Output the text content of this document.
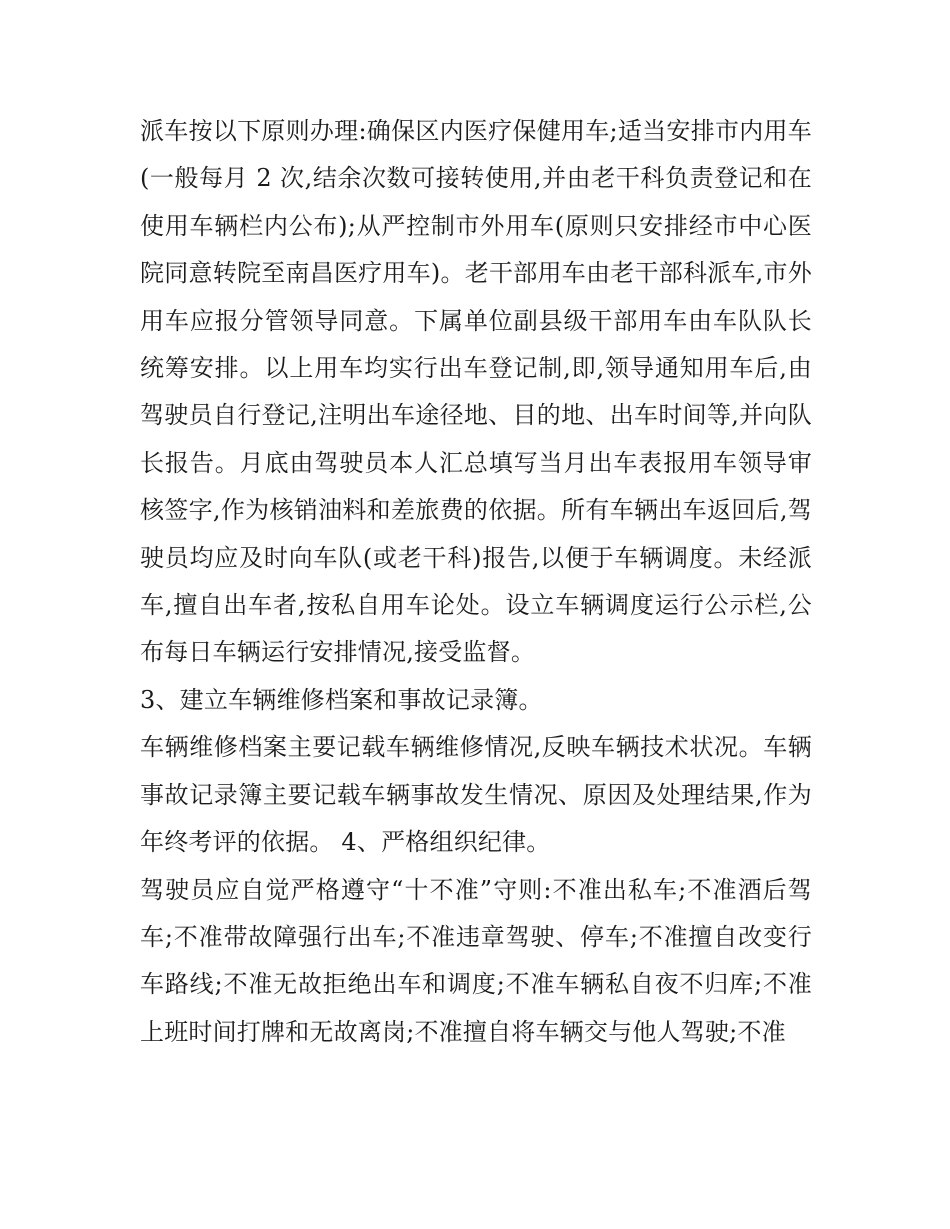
派车按以下原则办理:确保区内医疗保健用车;适当安排市内用车(一般每月 2 次,结余次数可接转使用,并由老干科负责登记和在使用车辆栏内公布);从严控制市外用车(原则只安排经市中心医院同意转院至南昌医疗用车)。老干部用车由老干部科派车,市外用车应报分管领导同意。下属单位副县级干部用车由车队队长统筹安排。以上用车均实行出车登记制,即,领导通知用车后,由驾驶员自行登记,注明出车途径地、目的地、出车时间等,并向队长报告。月底由驾驶员本人汇总填写当月出车表报用车领导审核签字,作为核销油料和差旅费的依据。所有车辆出车返回后,驾驶员均应及时向车队(或老干科)报告,以便于车辆调度。未经派车,擅自出车者,按私自用车论处。设立车辆调度运行公示栏,公布每日车辆运行安排情况,接受监督。

3、建立车辆维修档案和事故记录簿。

车辆维修档案主要记载车辆维修情况,反映车辆技术状况。车辆事故记录簿主要记载车辆事故发生情况、原因及处理结果,作为年终考评的依据。 4、严格组织纪律。

驾驶员应自觉严格遵守“十不准”守则:不准出私车;不准酒后驾车;不准带故障强行出车;不准违章驾驶、停车;不准擅自改变行车路线;不准无故拒绝出车和调度;不准车辆私自夜不归库;不准上班时间打牌和无故离岗;不准擅自将车辆交与他人驾驶;不准
